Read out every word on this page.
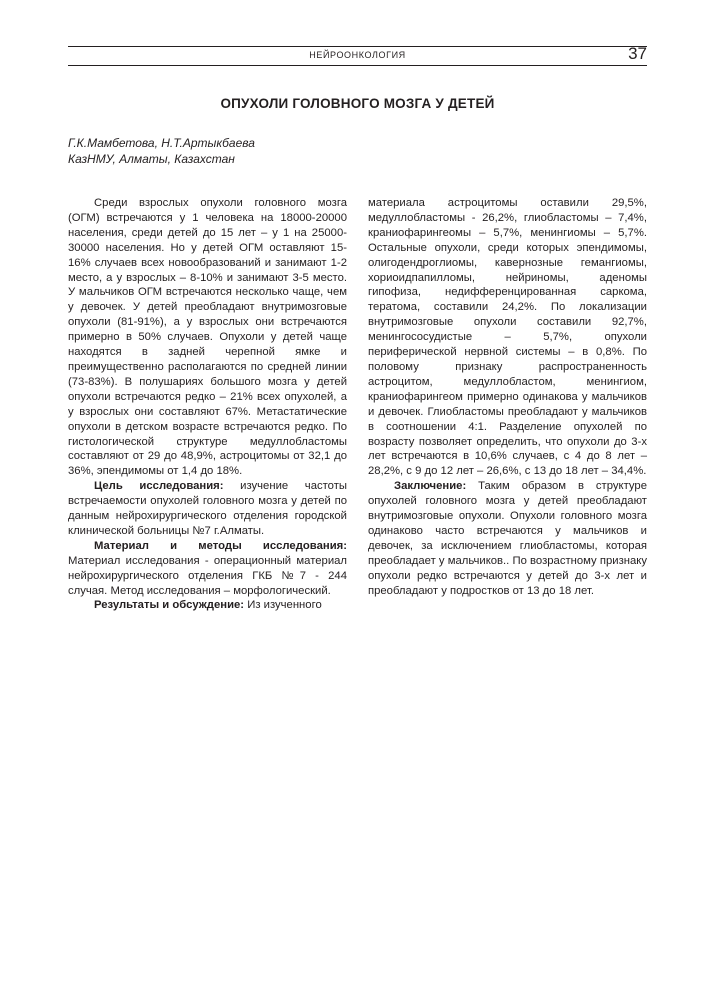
НЕЙРООНКОЛОГИЯ	37
ОПУХОЛИ ГОЛОВНОГО МОЗГА У ДЕТЕЙ
Г.К.Мамбетова, Н.Т.Артыкбаева
КазНМУ, Алматы, Казахстан

Среди взрослых опухоли головного мозга (ОГМ) встречаются у 1 человека на 18000-20000 населения, среди детей до 15 лет – у 1 на 25000-30000 населения. Но у детей ОГМ оставляют 15-16% случаев всех новообразований и занимают 1-2 место, а у взрослых – 8-10% и занимают 3-5 место. У мальчиков ОГМ встречаются несколько чаще, чем у девочек. У детей преобладают внутримозговые опухоли (81-91%), а у взрослых они встречаются примерно в 50% случаев. Опухоли у детей чаще находятся в задней черепной ямке и преимущественно располагаются по средней линии (73-83%). В полушариях большого мозга у детей опухоли встречаются редко – 21% всех опухолей, а у взрослых они составляют 67%. Метастатические опухоли в детском возрасте встречаются редко. По гистологической структуре медуллобластомы составляют от 29 до 48,9%, астроцитомы от 32,1 до 36%, эпендимомы от 1,4 до 18%.

Цель исследования: изучение частоты встречаемости опухолей головного мозга у детей по данным нейрохирургического отделения городской клинической больницы №7 г.Алматы.

Материал и методы исследования: Материал исследования - операционный материал нейрохирургического отделения ГКБ №7 - 244 случая. Метод исследования – морфологический.

Результаты и обсуждение: Из изученного

материала астроцитомы оставили 29,5%, медуллобластомы - 26,2%, глиобластомы – 7,4%, краниофарингеомы – 5,7%, менингиомы – 5,7%. Остальные опухоли, среди которых эпендимомы, олигодендроглиомы, кавернозные гемангиомы, хориоидпапилломы, нейриномы, аденомы гипофиза, недифференцированная саркома, тератома, составили 24,2%. По локализации внутримозговые опухоли составили 92,7%, менингососудистые – 5,7%, опухоли периферической нервной системы – в 0,8%. По половому признаку распространенность астроцитом, медуллобластом, менингиом, краниофарингеом примерно одинакова у мальчиков и девочек. Глиобластомы преобладают у мальчиков в соотношении 4:1. Разделение опухолей по возрасту позволяет определить, что опухоли до 3-х лет встречаются в 10,6% случаев, с 4 до 8 лет – 28,2%, с 9 до 12 лет – 26,6%, с 13 до 18 лет – 34,4%.

Заключение: Таким образом в структуре опухолей головного мозга у детей преобладают внутримозговые опухоли. Опухоли головного мозга одинаково часто встречаются у мальчиков и девочек, за исключением глиобластомы, которая преобладает у мальчиков.. По возрастному признаку опухоли редко встречаются у детей до 3-х лет и преобладают у подростков от 13 до 18 лет.
